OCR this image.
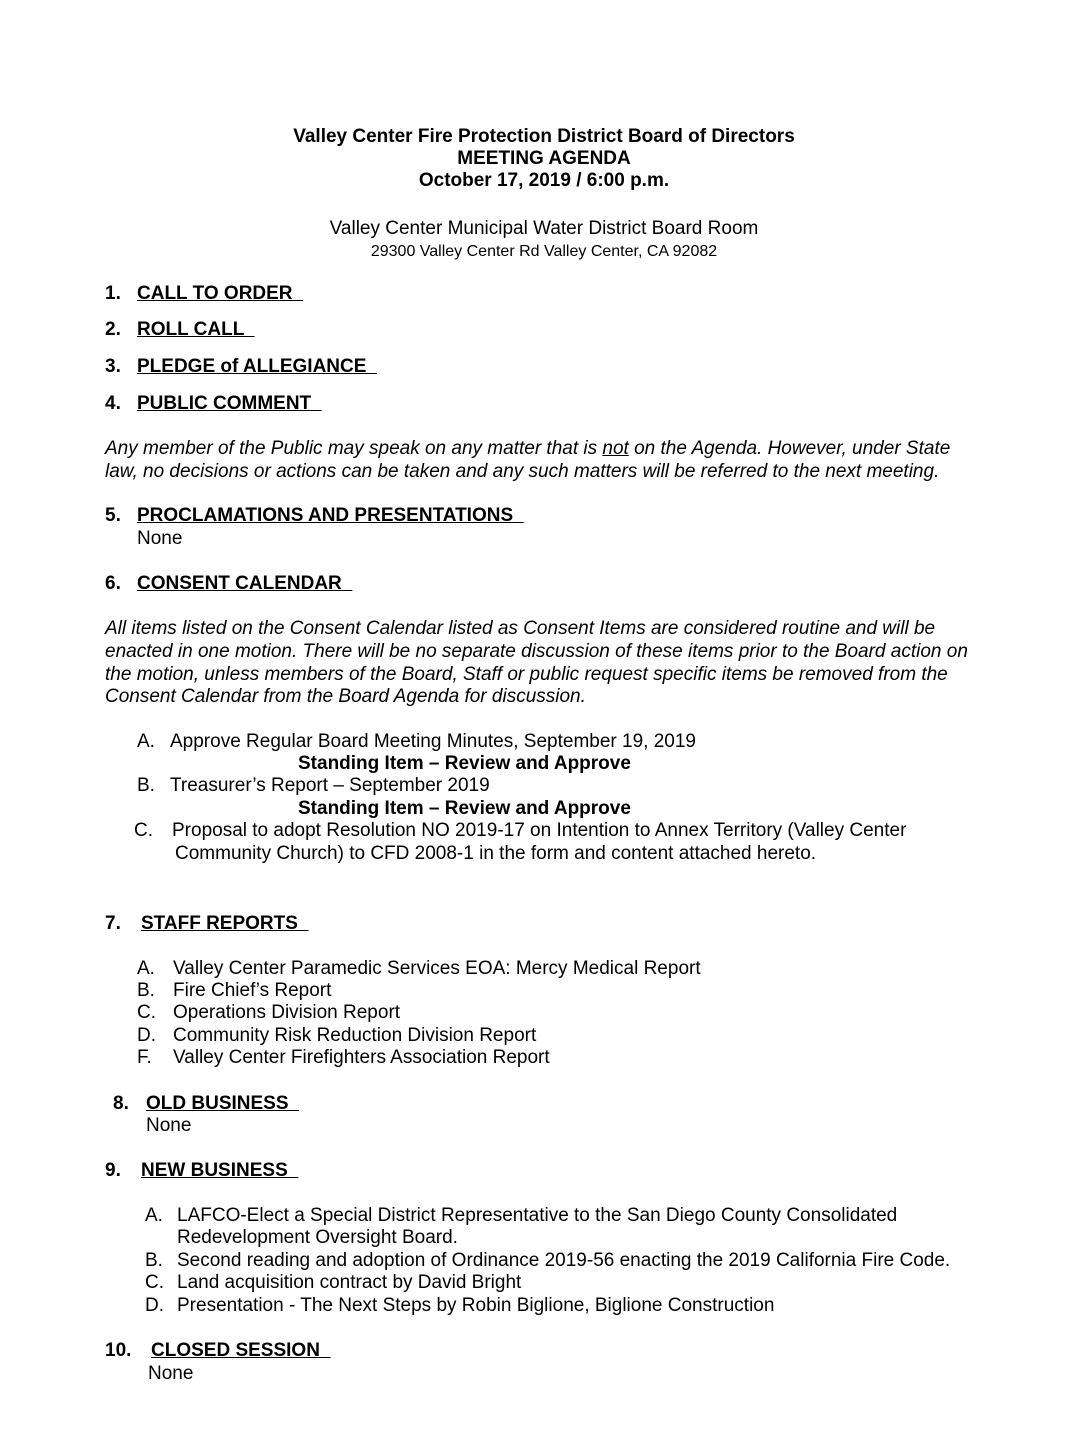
Valley Center Fire Protection District Board of Directors
MEETING AGENDA
October 17, 2019 / 6:00 p.m.
Valley Center Municipal Water District Board Room
29300 Valley Center Rd Valley Center, CA 92082
1. CALL TO ORDER
2. ROLL CALL
3. PLEDGE of ALLEGIANCE
4. PUBLIC COMMENT
Any member of the Public may speak on any matter that is not on the Agenda. However, under State
law, no decisions or actions can be taken and any such matters will be referred to the next meeting.
5. PROCLAMATIONS AND PRESENTATIONS
None
6. CONSENT CALENDAR
All items listed on the Consent Calendar listed as Consent Items are considered routine and will be
enacted in one motion. There will be no separate discussion of these items prior to the Board action on
the motion, unless members of the Board, Staff or public request specific items be removed from the
Consent Calendar from the Board Agenda for discussion.
A. Approve Regular Board Meeting Minutes, September 19, 2019
Standing Item – Review and Approve
B. Treasurer’s Report – September 2019
Standing Item – Review and Approve
C. Proposal to adopt Resolution NO 2019-17 on Intention to Annex Territory (Valley Center
Community Church) to CFD 2008-1 in the form and content attached hereto.
7. STAFF REPORTS
A. Valley Center Paramedic Services EOA: Mercy Medical Report
B. Fire Chief’s Report
C. Operations Division Report
D. Community Risk Reduction Division Report
F. Valley Center Firefighters Association Report
8. OLD BUSINESS
None
9. NEW BUSINESS
A. LAFCO-Elect a Special District Representative to the San Diego County Consolidated
Redevelopment Oversight Board.
B. Second reading and adoption of Ordinance 2019-56 enacting the 2019 California Fire Code.
C. Land acquisition contract by David Bright
D. Presentation - The Next Steps by Robin Biglione, Biglione Construction
10. CLOSED SESSION
None
